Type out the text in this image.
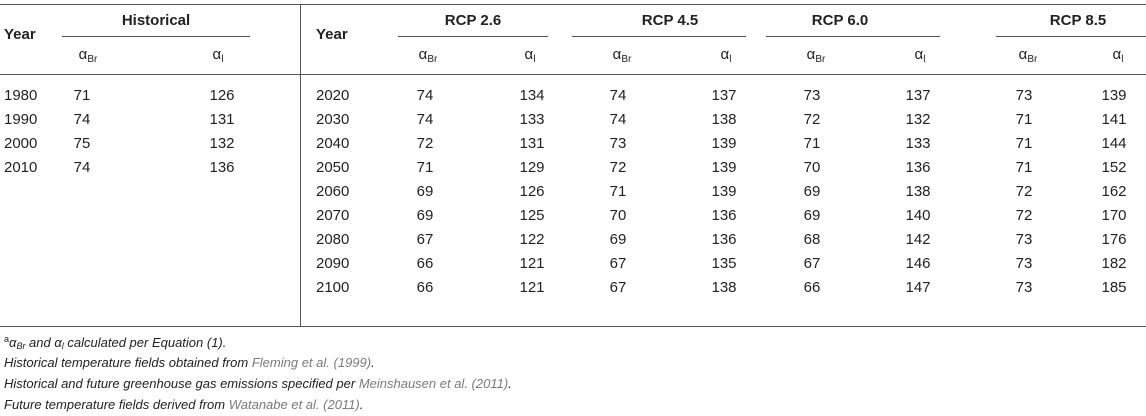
Year
Historical
Year
RCP 2.6	RCP 4.5	RCP 6.0	RCP 8.5
$\alpha_{Br}$	$\alpha_l$	$\alpha_{Br}$	$\alpha_l$	$\alpha_{Br}$	$\alpha_l$	$\alpha_{Br}$	$\alpha_l$	$\alpha_{Br}$	$\alpha_l$
1980	71	126
1990	74	131
2000	75	132
2010	74	136
2020	74	134	74	137	73	137	73	139
2030	74	133	74	138	72	132	71	141
2040	72	131	73	139	71	133	71	144
2050	71	129	72	139	70	136	71	152
2060	69	126	71	139	69	138	72	162
2070	69	125	70	136	69	140	72	170
2080	67	122	69	136	68	142	73	176
2090	66	121	67	135	67	146	73	182
2100	66	121	67	138	66	147	73	185
$^a\alpha_{Br}$ and $\alpha_l$ calculated per Equation (1).
Historical temperature fields obtained from Fleming et al. (1999).
Historical and future greenhouse gas emissions specified per Meinshausen et al. (2011).
Future temperature fields derived from Watanabe et al. (2011).
